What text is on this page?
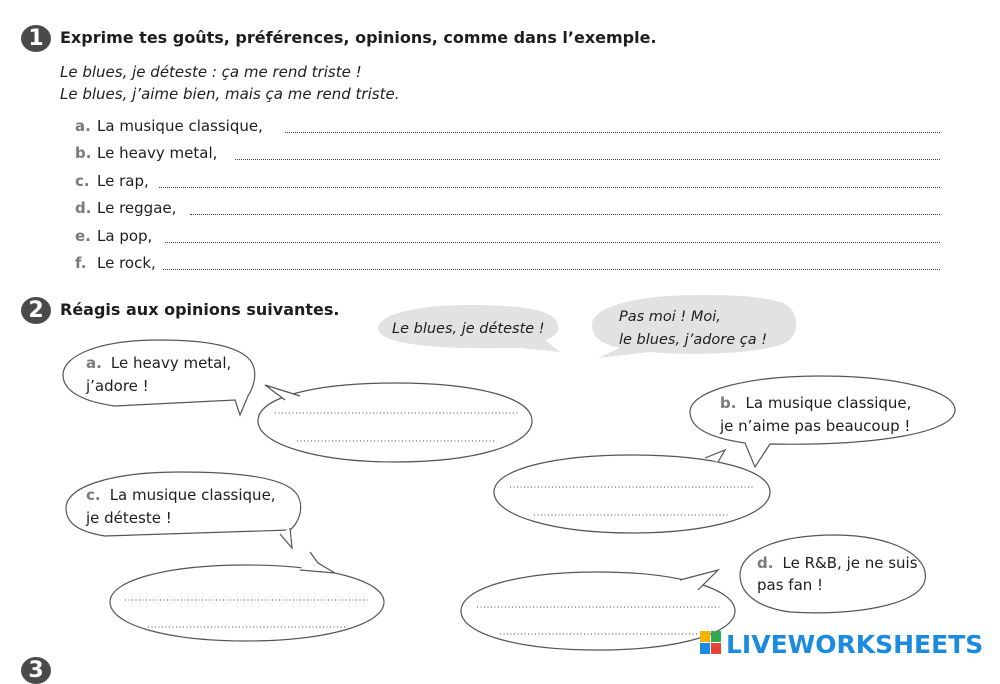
1	Exprime tes goûts, préférences, opinions, comme dans l’exemple.
Le blues, je déteste : ça me rend triste !
Le blues, j’aime bien, mais ça me rend triste.
a. La musique classique,
b. Le heavy metal,
c. Le rap,
d. Le reggae,
e. La pop,
f. Le rock,
2	Réagis aux opinions suivantes.
Le blues, je déteste !
Pas moi ! Moi,
le blues, j’adore ça !
a. Le heavy metal,
j’adore !
b. La musique classique,
je n’aime pas beaucoup !
c. La musique classique,
je déteste !
d. Le R&B, je ne suis
pas fan !
3
LIVEWORKSHEETS
